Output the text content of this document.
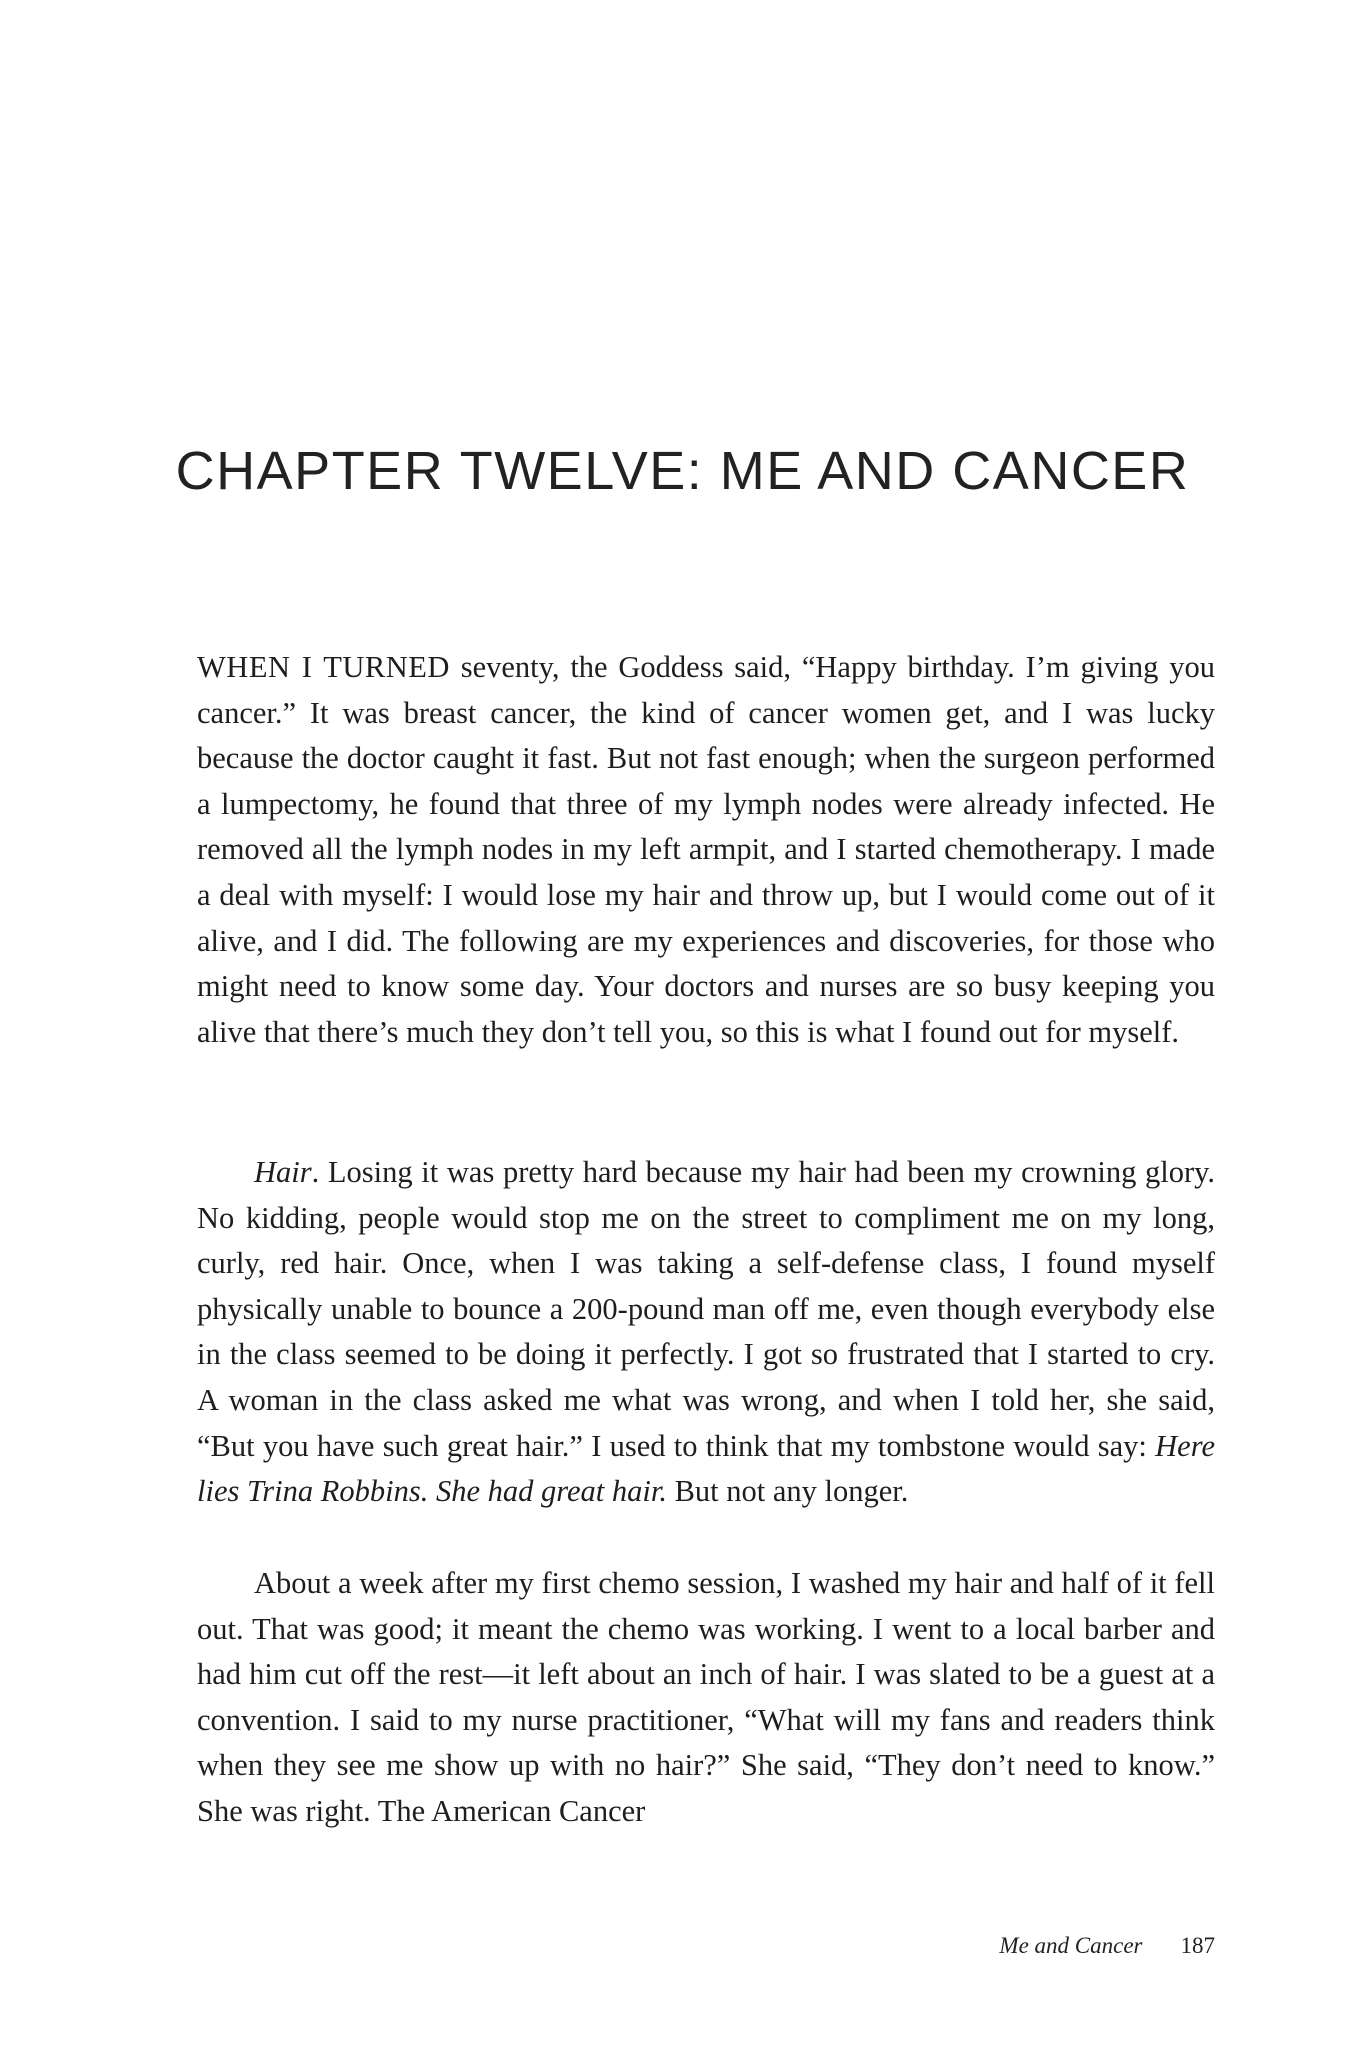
CHAPTER TWELVE: ME AND CANCER

WHEN I TURNED seventy, the Goddess said, “Happy birthday. I’m giving you cancer.” It was breast cancer, the kind of cancer women get, and I was lucky because the doctor caught it fast. But not fast enough; when the surgeon performed a lumpectomy, he found that three of my lymph nodes were already infected. He removed all the lymph nodes in my left armpit, and I started chemotherapy. I made a deal with myself: I would lose my hair and throw up, but I would come out of it alive, and I did. The following are my experiences and discoveries, for those who might need to know some day. Your doctors and nurses are so busy keeping you alive that there’s much they don’t tell you, so this is what I found out for myself.

Hair. Losing it was pretty hard because my hair had been my crowning glory. No kidding, people would stop me on the street to compliment me on my long, curly, red hair. Once, when I was taking a self-defense class, I found myself physically unable to bounce a 200-pound man off me, even though everybody else in the class seemed to be doing it perfectly. I got so frustrated that I started to cry. A woman in the class asked me what was wrong, and when I told her, she said, “But you have such great hair.” I used to think that my tombstone would say: Here lies Trina Robbins. She had great hair. But not any longer.

About a week after my first chemo session, I washed my hair and half of it fell out. That was good; it meant the chemo was working. I went to a local barber and had him cut off the rest—it left about an inch of hair. I was slated to be a guest at a convention. I said to my nurse practitioner, “What will my fans and readers think when they see me show up with no hair?” She said, “They don’t need to know.” She was right. The American Cancer

Me and Cancer 187
